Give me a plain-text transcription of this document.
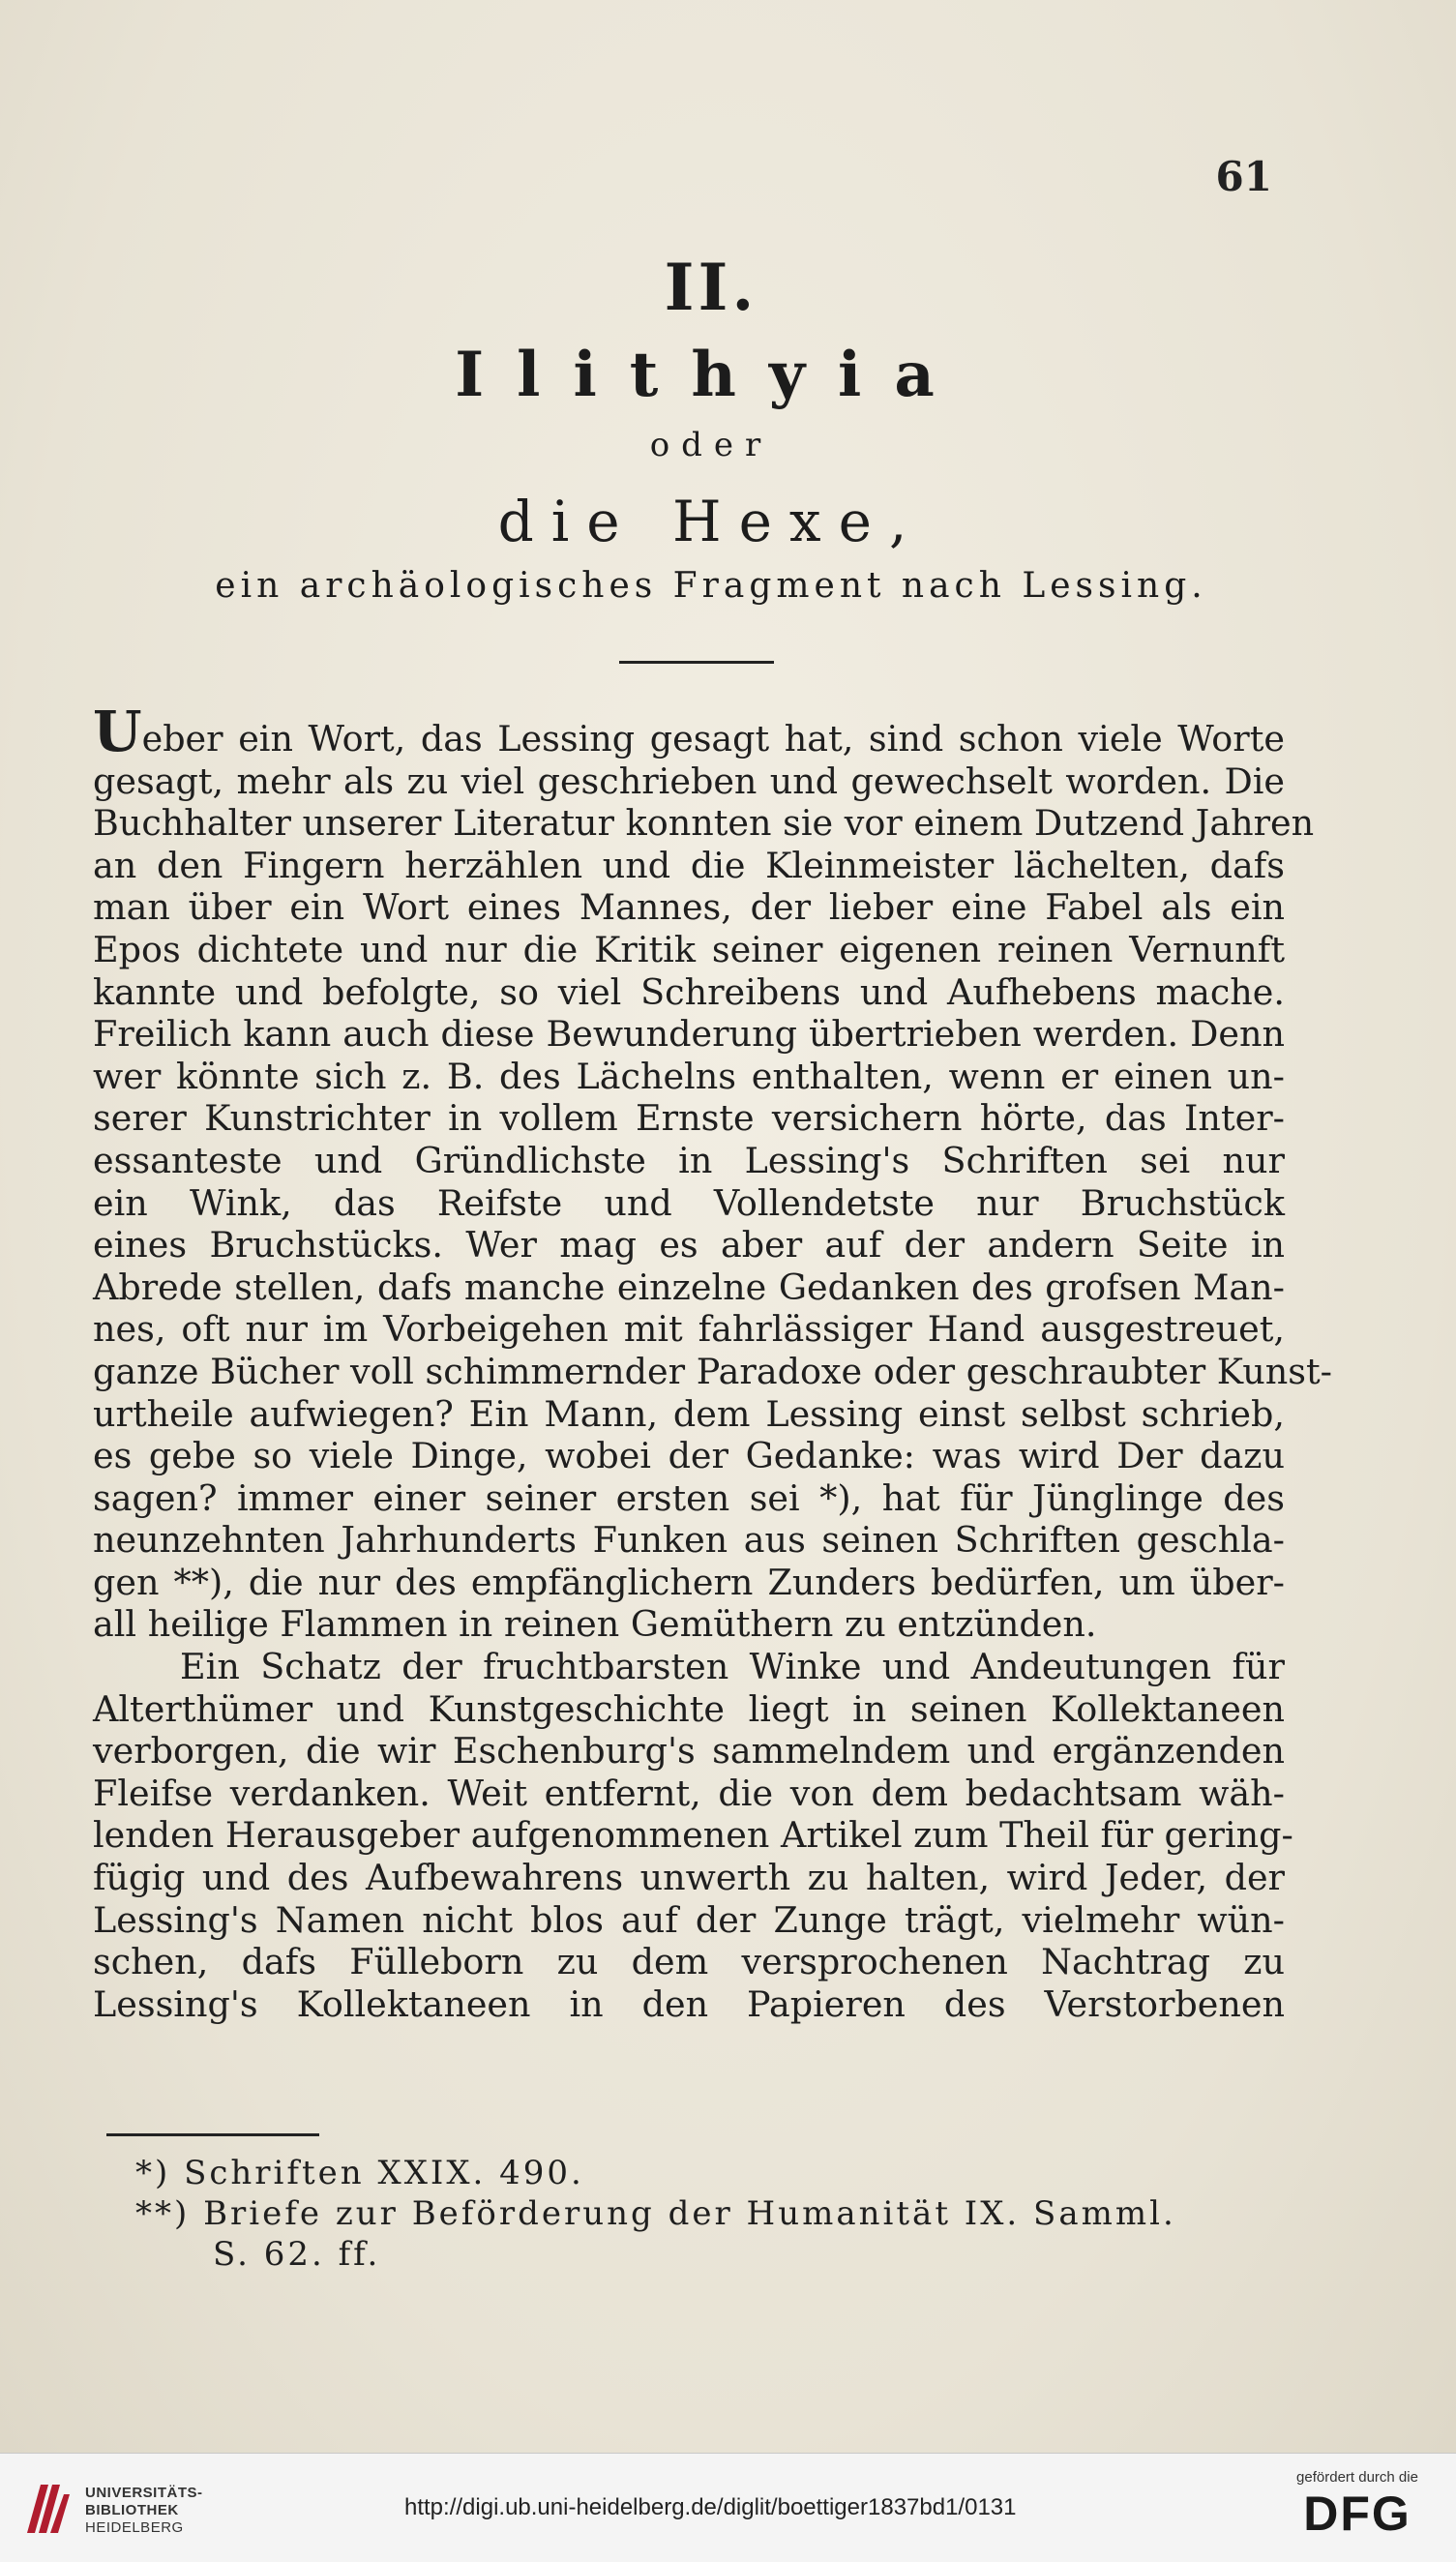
61
II.
Ilithyia
oder
die Hexe,
ein archäologisches Fragment nach Lessing.
Ueber ein Wort, das Lessing gesagt hat, sind schon viele Worte
gesagt, mehr als zu viel geschrieben und gewechselt worden. Die
Buchhalter unserer Literatur konnten sie vor einem Dutzend Jahren
an den Fingern herzählen und die Kleinmeister lächelten, dafs
man über ein Wort eines Mannes, der lieber eine Fabel als ein
Epos dichtete und nur die Kritik seiner eigenen reinen Vernunft
kannte und befolgte, so viel Schreibens und Aufhebens mache.
Freilich kann auch diese Bewunderung übertrieben werden. Denn
wer könnte sich z. B. des Lächelns enthalten, wenn er einen un-
serer Kunstrichter in vollem Ernste versichern hörte, das Inter-
essanteste und Gründlichste in Lessing's Schriften sei nur
ein Wink, das Reifste und Vollendetste nur Bruchstück
eines Bruchstücks. Wer mag es aber auf der andern Seite in
Abrede stellen, dafs manche einzelne Gedanken des grofsen Man-
nes, oft nur im Vorbeigehen mit fahrlässiger Hand ausgestreuet,
ganze Bücher voll schimmernder Paradoxe oder geschraubter Kunst-
urtheile aufwiegen? Ein Mann, dem Lessing einst selbst schrieb,
es gebe so viele Dinge, wobei der Gedanke: was wird Der dazu
sagen? immer einer seiner ersten sei *), hat für Jünglinge des
neunzehnten Jahrhunderts Funken aus seinen Schriften geschla-
gen **), die nur des empfänglichern Zunders bedürfen, um über-
all heilige Flammen in reinen Gemüthern zu entzünden.
Ein Schatz der fruchtbarsten Winke und Andeutungen für
Alterthümer und Kunstgeschichte liegt in seinen Kollektaneen
verborgen, die wir Eschenburg's sammelndem und ergänzenden
Fleifse verdanken. Weit entfernt, die von dem bedachtsam wäh-
lenden Herausgeber aufgenommenen Artikel zum Theil für gering-
fügig und des Aufbewahrens unwerth zu halten, wird Jeder, der
Lessing's Namen nicht blos auf der Zunge trägt, vielmehr wün-
schen, dafs Fülleborn zu dem versprochenen Nachtrag zu
Lessing's Kollektaneen in den Papieren des Verstorbenen
*) Schriften XXIX. 490.
**) Briefe zur Beförderung der Humanität IX. Samml.
S. 62. ff.
UNIVERSITÄTS-
BIBLIOTHEK
HEIDELBERG
http://digi.ub.uni-heidelberg.de/diglit/boettiger1837bd1/0131
gefördert durch die
DFG
